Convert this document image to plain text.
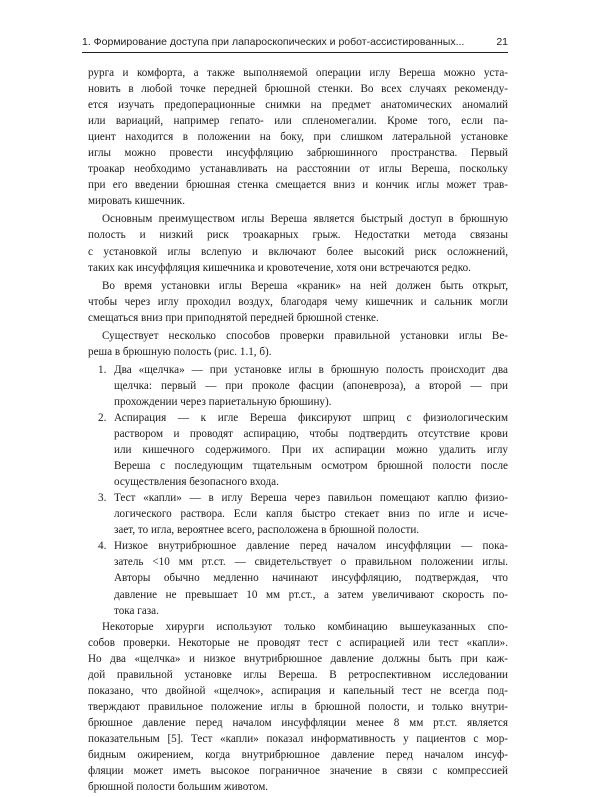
1. Формирование доступа при лапароскопических и робот-ассистированных...	21
рурга и комфорта, а также выполняемой операции иглу Вереша можно уста-
новить в любой точке передней брюшной стенки. Во всех случаях рекоменду-
ется изучать предоперационные снимки на предмет анатомических аномалий
или вариаций, например гепато- или спленомегалии. Кроме того, если па-
циент находится в положении на боку, при слишком латеральной установке
иглы можно провести инсуффляцию забрюшинного пространства. Первый
троакар необходимо устанавливать на расстоянии от иглы Вереша, поскольку
при его введении брюшная стенка смещается вниз и кончик иглы может трав-
мировать кишечник.
Основным преимуществом иглы Вереша является быстрый доступ в брюшную
полость и низкий риск троакарных грыж. Недостатки метода связаны
с установкой иглы вслепую и включают более высокий риск осложнений,
таких как инсуффляция кишечника и кровотечение, хотя они встречаются редко.
Во время установки иглы Вереша «краник» на ней должен быть открыт,
чтобы через иглу проходил воздух, благодаря чему кишечник и сальник могли
смещаться вниз при приподнятой передней брюшной стенке.
Существует несколько способов проверки правильной установки иглы Ве-
реша в брюшную полость (рис. 1.1, б).
1. Два «щелчка» — при установке иглы в брюшную полость происходит два
щелчка: первый — при проколе фасции (апоневроза), а второй — при
прохождении через париетальную брюшину).
2. Аспирация — к игле Вереша фиксируют шприц с физиологическим
раствором и проводят аспирацию, чтобы подтвердить отсутствие крови
или кишечного содержимого. При их аспирации можно удалить иглу
Вереша с последующим тщательным осмотром брюшной полости после
осуществления безопасного входа.
3. Тест «капли» — в иглу Вереша через павильон помещают каплю физио-
логического раствора. Если капля быстро стекает вниз по игле и исче-
зает, то игла, вероятнее всего, расположена в брюшной полости.
4. Низкое внутрибрюшное давление перед началом инсуффляции — пока-
затель <10 мм рт.ст. — свидетельствует о правильном положении иглы.
Авторы обычно медленно начинают инсуффляцию, подтверждая, что
давление не превышает 10 мм рт.ст., а затем увеличивают скорость по-
тока газа.
Некоторые хирурги используют только комбинацию вышеуказанных спо-
собов проверки. Некоторые не проводят тест с аспирацией или тест «капли».
Но два «щелчка» и низкое внутрибрюшное давление должны быть при каж-
дой правильной установке иглы Вереша. В ретроспективном исследовании
показано, что двойной «щелчок», аспирация и капельный тест не всегда под-
тверждают правильное положение иглы в брюшной полости, и только внутри-
брюшное давление перед началом инсуффляции менее 8 мм рт.ст. является
показательным [5]. Тест «капли» показал информативность у пациентов с мор-
бидным ожирением, когда внутрибрюшное давление перед началом инсуф-
фляции может иметь высокое пограничное значение в связи с компрессией
брюшной полости большим животом.
